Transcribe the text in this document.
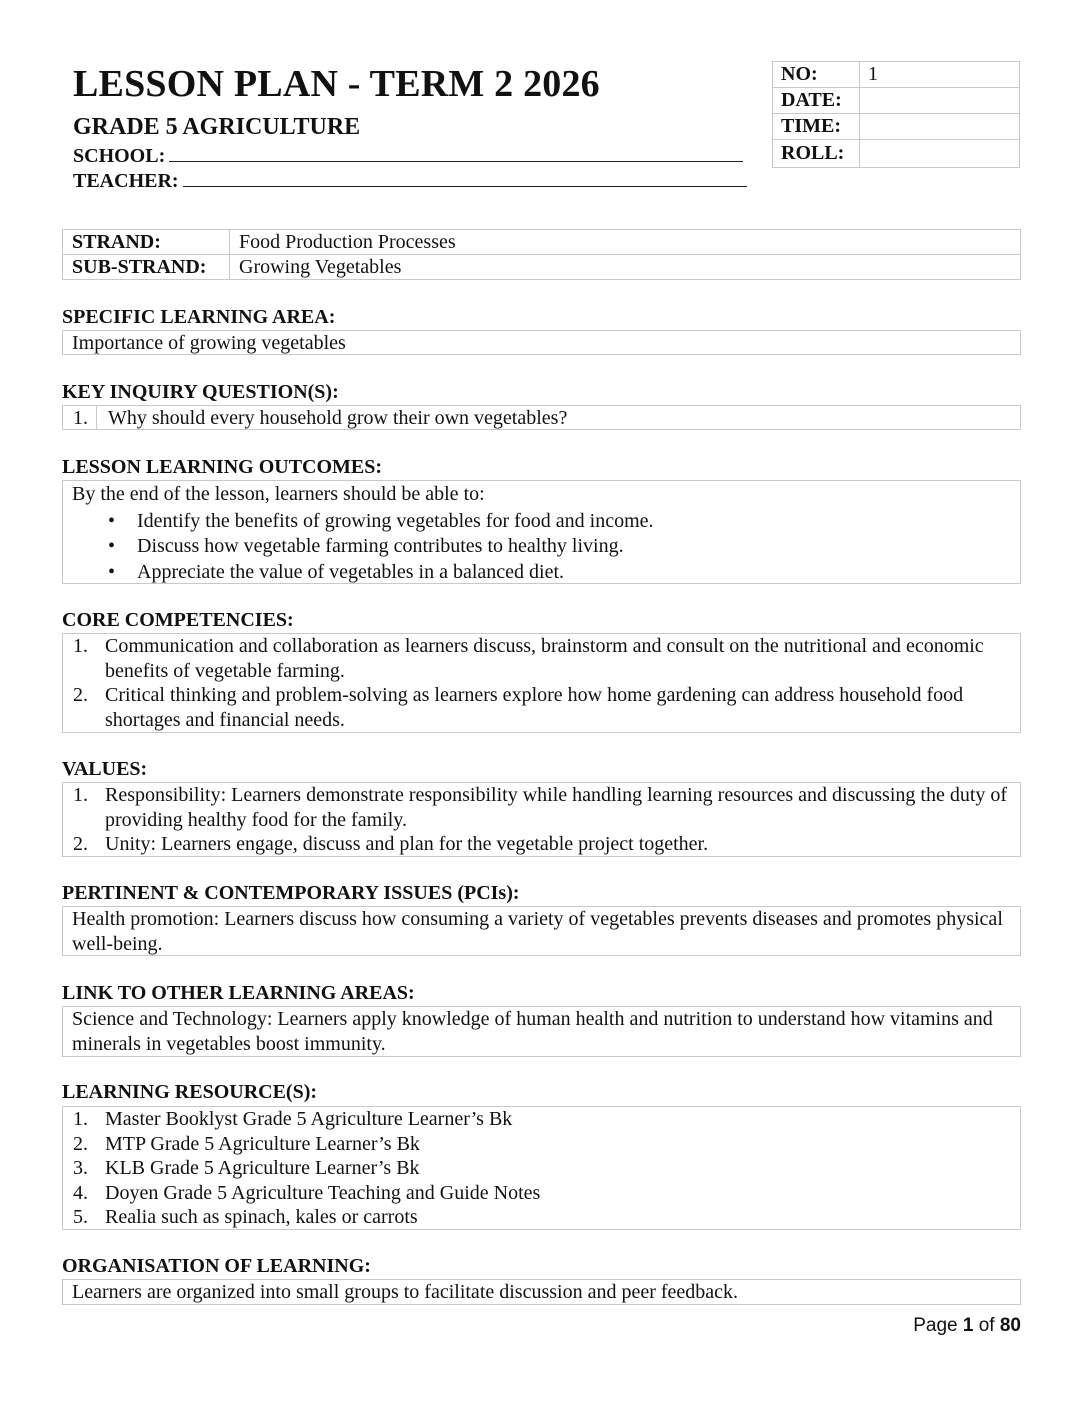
LESSON PLAN - TERM 2 2026
GRADE 5 AGRICULTURE
SCHOOL:
TEACHER:
NO:	1
DATE:	
TIME:	
ROLL:	
STRAND:	Food Production Processes
SUB-STRAND:	Growing Vegetables
SPECIFIC LEARNING AREA:
Importance of growing vegetables
KEY INQUIRY QUESTION(S):
1.	Why should every household grow their own vegetables?
LESSON LEARNING OUTCOMES:
By the end of the lesson, learners should be able to:
• Identify the benefits of growing vegetables for food and income.
• Discuss how vegetable farming contributes to healthy living.
• Appreciate the value of vegetables in a balanced diet.
CORE COMPETENCIES:
1. Communication and collaboration as learners discuss, brainstorm and consult on the nutritional and economic benefits of vegetable farming.
2. Critical thinking and problem-solving as learners explore how home gardening can address household food shortages and financial needs.
VALUES:
1. Responsibility: Learners demonstrate responsibility while handling learning resources and discussing the duty of providing healthy food for the family.
2. Unity: Learners engage, discuss and plan for the vegetable project together.
PERTINENT & CONTEMPORARY ISSUES (PCIs):
Health promotion: Learners discuss how consuming a variety of vegetables prevents diseases and promotes physical well-being.
LINK TO OTHER LEARNING AREAS:
Science and Technology: Learners apply knowledge of human health and nutrition to understand how vitamins and minerals in vegetables boost immunity.
LEARNING RESOURCE(S):
1. Master Booklyst Grade 5 Agriculture Learner’s Bk
2. MTP Grade 5 Agriculture Learner’s Bk
3. KLB Grade 5 Agriculture Learner’s Bk
4. Doyen Grade 5 Agriculture Teaching and Guide Notes
5. Realia such as spinach, kales or carrots
ORGANISATION OF LEARNING:
Learners are organized into small groups to facilitate discussion and peer feedback.
Page 1 of 80
